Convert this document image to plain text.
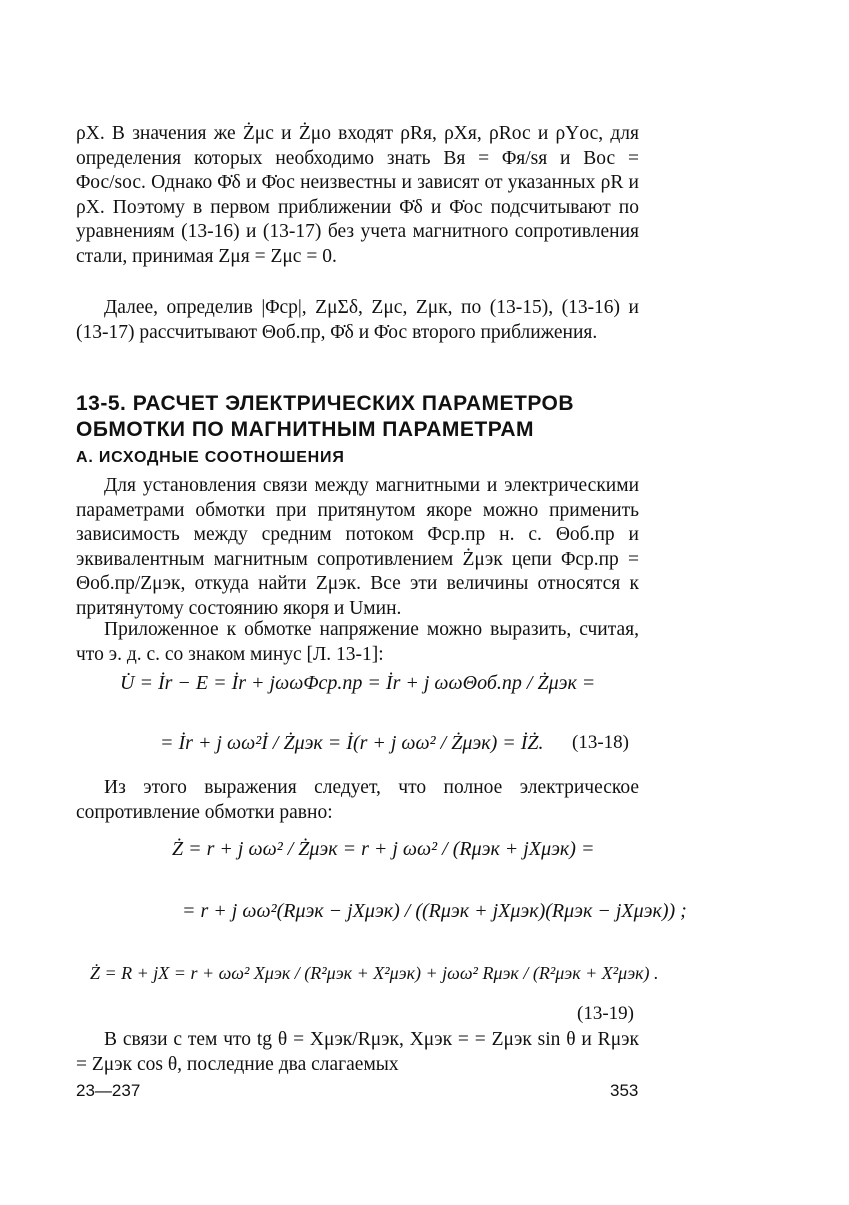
ρX. В значения же Żμс и Żμо входят ρRя, ρXя, ρRос и ρYос, для определения которых необходимо знать Bя = Φя/sя и Bос = Φос/sос. Однако Φ̇δ и Φ̇ос неизвестны и зависят от указанных ρR и ρX. Поэтому в первом приближении Φ̇δ и Φ̇ос подсчитывают по уравнениям (13-16) и (13-17) без учета магнитного сопротивления стали, принимая Zμя = Zμс = 0.

Далее, определив |Φср|, ZμΣδ, Zμс, Zμк, по (13-15), (13-16) и (13-17) рассчитывают Θоб.пр, Φ̇δ и Φ̇ос второго приближения.

13-5. РАСЧЕТ ЭЛЕКТРИЧЕСКИХ ПАРАМЕТРОВ

ОБМОТКИ ПО МАГНИТНЫМ ПАРАМЕТРАМ

А. ИСХОДНЫЕ СООТНОШЕНИЯ

Для установления связи между магнитными и электрическими параметрами обмотки при притянутом якоре можно применить зависимость между средним потоком Φср.пр н. с. Θоб.пр и эквивалентным магнитным сопротивлением Żμэк цепи Φср.пр = Θоб.пр/Zμэк, откуда найти Zμэк. Все эти величины относятся к притянутому состоянию якоря и Uмин.

Приложенное к обмотке напряжение можно выразить, считая, что э. д. с. со знаком минус [Л. 13-1]:

U̇ = İr − E = İr + jωωΦср.пр = İr + j ωωΘоб.пр / Żμэк =
= İr + j ωω²İ / Żμэк = İ(r + j ωω² / Żμэк) = İŻ. (13-18)

Из этого выражения следует, что полное электрическое сопротивление обмотки равно:

Ż = r + j ωω² / Żμэк = r + j ωω² / (Rμэк + jXμэк) =
= r + j ωω²(Rμэк − jXμэк) / ((Rμэк + jXμэк)(Rμэк − jXμэк)) ;
Ż = R + jX = r + ωω² Xμэк / (R²μэк + X²μэк) + jωω² Rμэк / (R²μэк + X²μэк) .
(13-19)

В связи с тем что tg θ = Xμэк/Rμэк, Xμэк = = Zμэк sin θ и Rμэк = Zμэк cos θ, последние два слагаемых

23—237	353
